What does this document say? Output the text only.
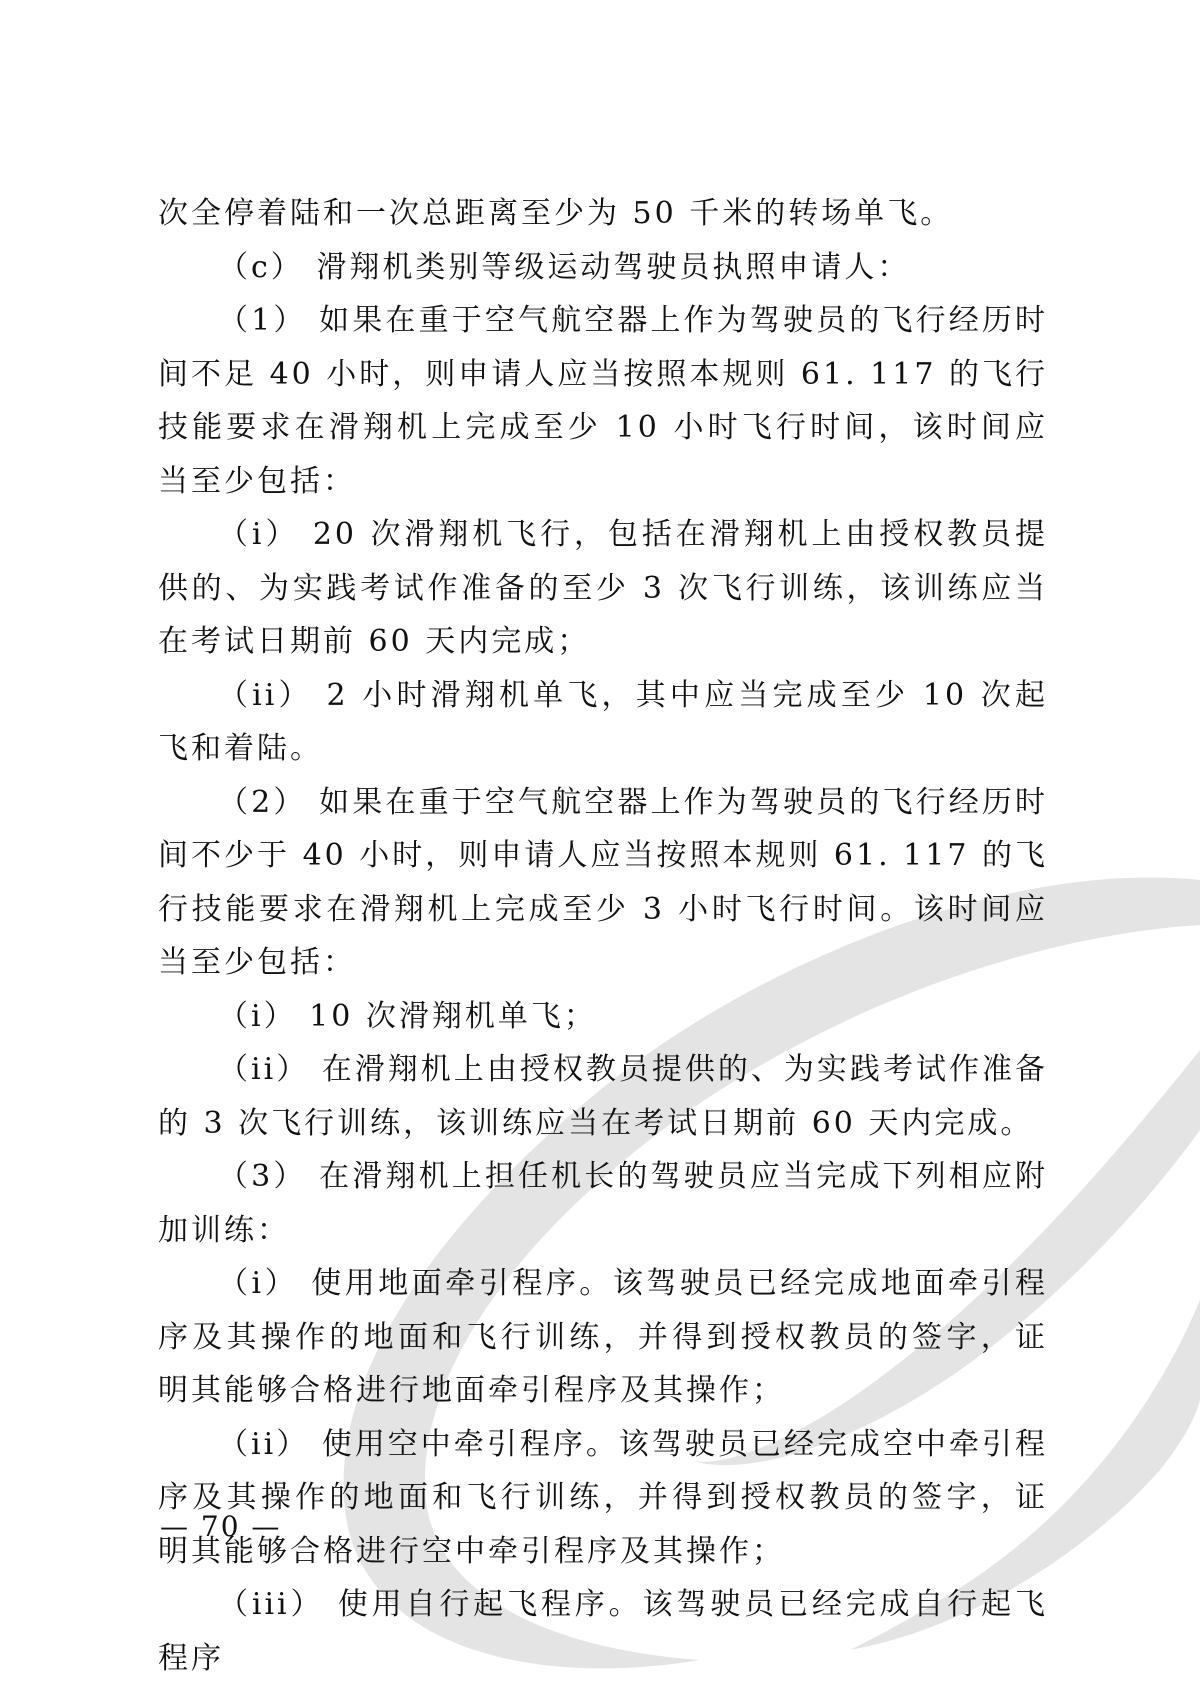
次全停着陆和一次总距离至少为 50 千米的转场单飞。

（c） 滑翔机类别等级运动驾驶员执照申请人：

（1） 如果在重于空气航空器上作为驾驶员的飞行经历时间不足 40 小时，则申请人应当按照本规则 61. 117 的飞行技能要求在滑翔机上完成至少 10 小时飞行时间，该时间应当至少包括：

（i） 20 次滑翔机飞行，包括在滑翔机上由授权教员提供的、为实践考试作准备的至少 3 次飞行训练，该训练应当在考试日期前 60 天内完成；

（ii） 2 小时滑翔机单飞，其中应当完成至少 10 次起飞和着陆。

（2） 如果在重于空气航空器上作为驾驶员的飞行经历时间不少于 40 小时，则申请人应当按照本规则 61. 117 的飞行技能要求在滑翔机上完成至少 3 小时飞行时间。该时间应当至少包括：

（i） 10 次滑翔机单飞；

（ii） 在滑翔机上由授权教员提供的、为实践考试作准备的 3 次飞行训练，该训练应当在考试日期前 60 天内完成。

（3） 在滑翔机上担任机长的驾驶员应当完成下列相应附加训练：

（i） 使用地面牵引程序。该驾驶员已经完成地面牵引程序及其操作的地面和飞行训练，并得到授权教员的签字，证明其能够合格进行地面牵引程序及其操作；

（ii） 使用空中牵引程序。该驾驶员已经完成空中牵引程序及其操作的地面和飞行训练，并得到授权教员的签字，证明其能够合格进行空中牵引程序及其操作；

（iii） 使用自行起飞程序。该驾驶员已经完成自行起飞程序

— 70 —
